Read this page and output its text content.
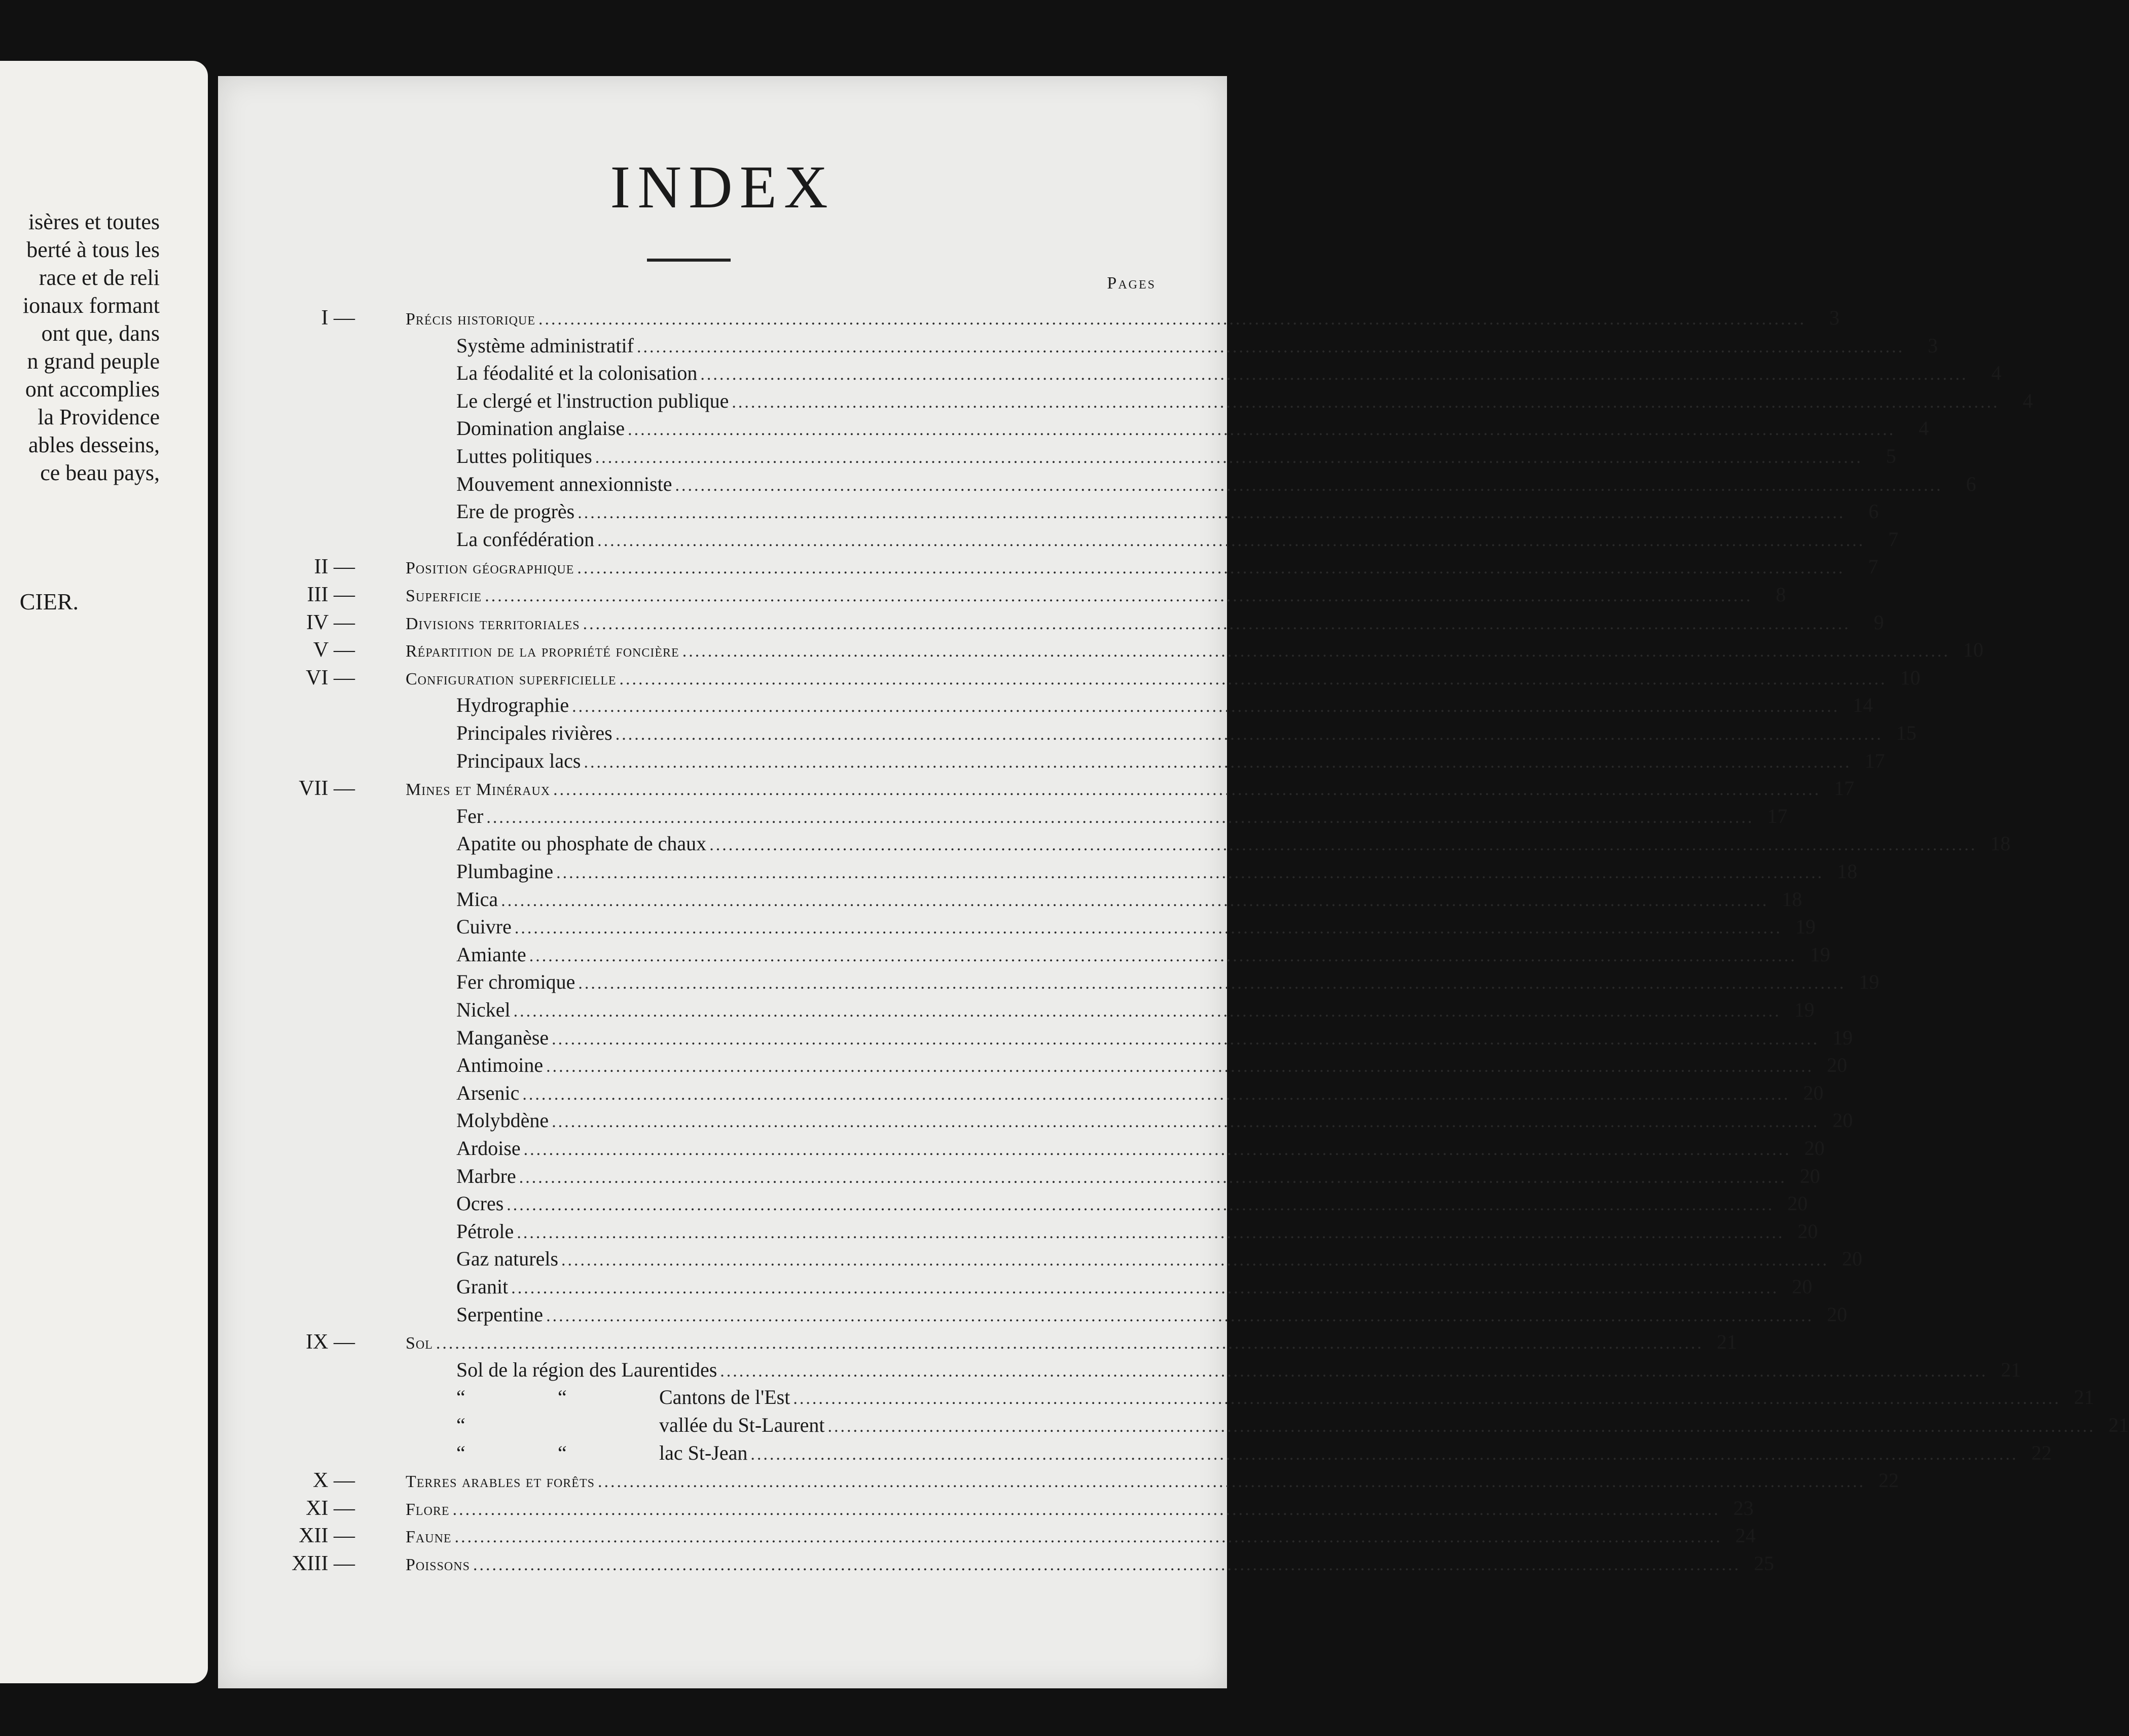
isères et toutes
berté à tous les
race et de reli
ionaux formant
ont que, dans
n grand peuple
ont accomplies
la Providence
ables desseins,
ce beau pays,
CIER.
INDEX
Pages
I —	Précis historique ........................................................................................................................................................................................................	3
Système administratif ........................................................................................................................................................................................................	3
La féodalité et la colonisation ........................................................................................................................................................................................................	4
Le clergé et l'instruction publique ........................................................................................................................................................................................................	4
Domination anglaise ........................................................................................................................................................................................................	4
Luttes politiques ........................................................................................................................................................................................................	5
Mouvement annexionniste ........................................................................................................................................................................................................	6
Ere de progrès ........................................................................................................................................................................................................	6
La confédération ........................................................................................................................................................................................................	7
II —	Position géographique ........................................................................................................................................................................................................	7
III —	Superficie ........................................................................................................................................................................................................	8
IV —	Divisions territoriales ........................................................................................................................................................................................................	9
V —	Répartition de la propriété foncière ........................................................................................................................................................................................................ 10
VI —	Configuration superficielle ........................................................................................................................................................................................................ 10
Hydrographie ........................................................................................................................................................................................................ 14
Principales rivières ........................................................................................................................................................................................................ 15
Principaux lacs ........................................................................................................................................................................................................ 17
VII —	Mines et Minéraux ........................................................................................................................................................................................................ 17
Fer ........................................................................................................................................................................................................ 17
Apatite ou phosphate de chaux ........................................................................................................................................................................................................ 18
Plumbagine ........................................................................................................................................................................................................ 18
Mica ........................................................................................................................................................................................................ 18
Cuivre ........................................................................................................................................................................................................ 19
Amiante ........................................................................................................................................................................................................ 19
Fer chromique ........................................................................................................................................................................................................ 19
Nickel ........................................................................................................................................................................................................ 19
Manganèse ........................................................................................................................................................................................................ 19
Antimoine ........................................................................................................................................................................................................ 20
Arsenic ........................................................................................................................................................................................................ 20
Molybdène ........................................................................................................................................................................................................ 20
Ardoise ........................................................................................................................................................................................................ 20
Marbre ........................................................................................................................................................................................................ 20
Ocres ........................................................................................................................................................................................................ 20
Pétrole ........................................................................................................................................................................................................ 20
Gaz naturels ........................................................................................................................................................................................................ 20
Granit ........................................................................................................................................................................................................ 20
Serpentine ........................................................................................................................................................................................................ 20
IX —	Sol ........................................................................................................................................................................................................ 21
Sol de la région des Laurentides ........................................................................................................................................................................................................ 21
“	“	Cantons de l'Est ........................................................................................................................................................................................................ 21
“	vallée du St-Laurent ........................................................................................................................................................................................................ 21
“	“	lac St-Jean ........................................................................................................................................................................................................ 22
X —	Terres arables et forêts ........................................................................................................................................................................................................ 22
XI —	Flore ........................................................................................................................................................................................................ 23
XII —	Faune ........................................................................................................................................................................................................ 24
XIII —	Poissons ........................................................................................................................................................................................................ 25
